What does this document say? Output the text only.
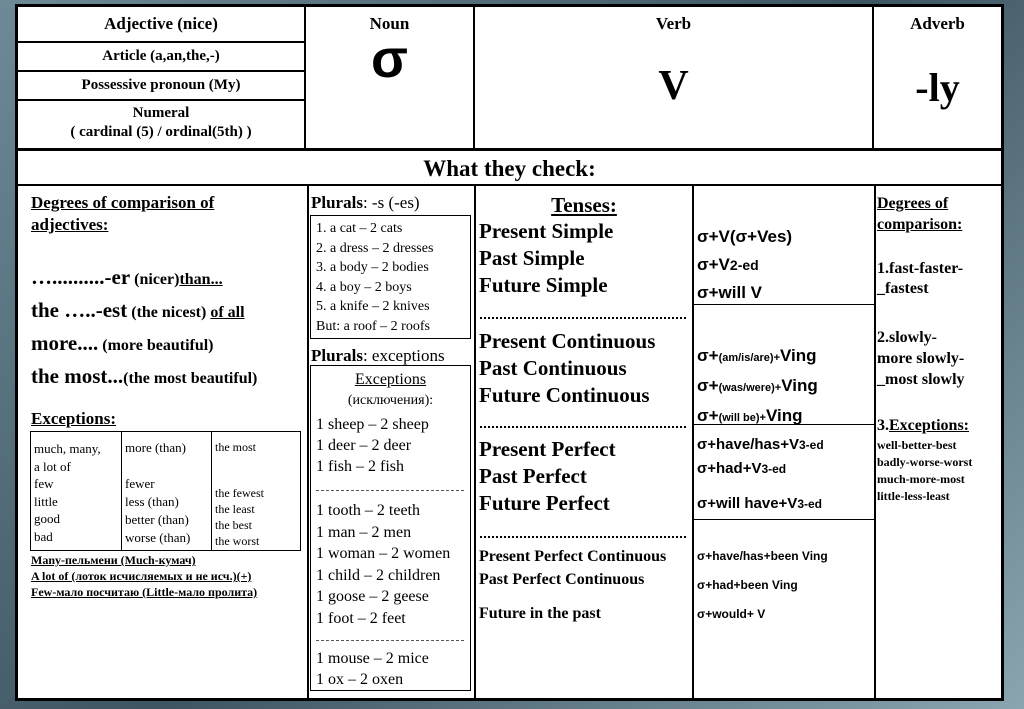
Adjective (nice)
Article (a,an,the,-)
Possessive pronoun (My)
Numeral
( cardinal (5) / ordinal(5th) )
Noun
σ
Verb
V
Adverb
-ly
What they check:
Degrees of comparison of
adjectives:
…..........-er (nicer)than...
the …..-est (the nicest) of all
more.... (more beautiful)
the most...(the most beautiful)
Exceptions:
much, many,
a lot of
few
little
good
bad
more (than)
fewer
less (than)
better (than)
worse (than)
the most
the fewest
the least
the best
the worst
Many-пельмени (Much-кумач)
A lot of (лоток исчисляемых и не исч.)(+)
Few-мало посчитаю (Little-мало пролита)
Plurals: -s (-es)
1. a cat – 2 cats
2. a dress – 2 dresses
3. a body – 2 bodies
4. a boy – 2 boys
5. a knife – 2 knives
But: a roof – 2 roofs
Plurals: exceptions
Exceptions
(исключения):
1 sheep – 2 sheep
1 deer – 2 deer
1 fish – 2 fish
1 tooth – 2 teeth
1 man – 2 men
1 woman – 2 women
1 child – 2 children
1 goose – 2 geese
1 foot – 2 feet
1 mouse – 2 mice
1 ox – 2 oxen
Tenses:
Present Simple
Past Simple
Future Simple
Present Continuous
Past Continuous
Future Continuous
Present Perfect
Past Perfect
Future Perfect
Present Perfect Continuous
Past Perfect Continuous
Future in the past
σ+V(σ+Ves)
σ+V2-ed
σ+will V
σ+(am/is/are)+Ving
σ+(was/were)+Ving
σ+(will be)+Ving
σ+have/has+V3-ed
σ+had+V3-ed
σ+will have+V3-ed
σ+have/has+been Ving
σ+had+been Ving
σ+would+ V
Degrees of
comparison:
1.fast-faster-
_fastest
2.slowly-
more slowly-
_most slowly
3.Exceptions:
well-better-best
badly-worse-worst
much-more-most
little-less-least
